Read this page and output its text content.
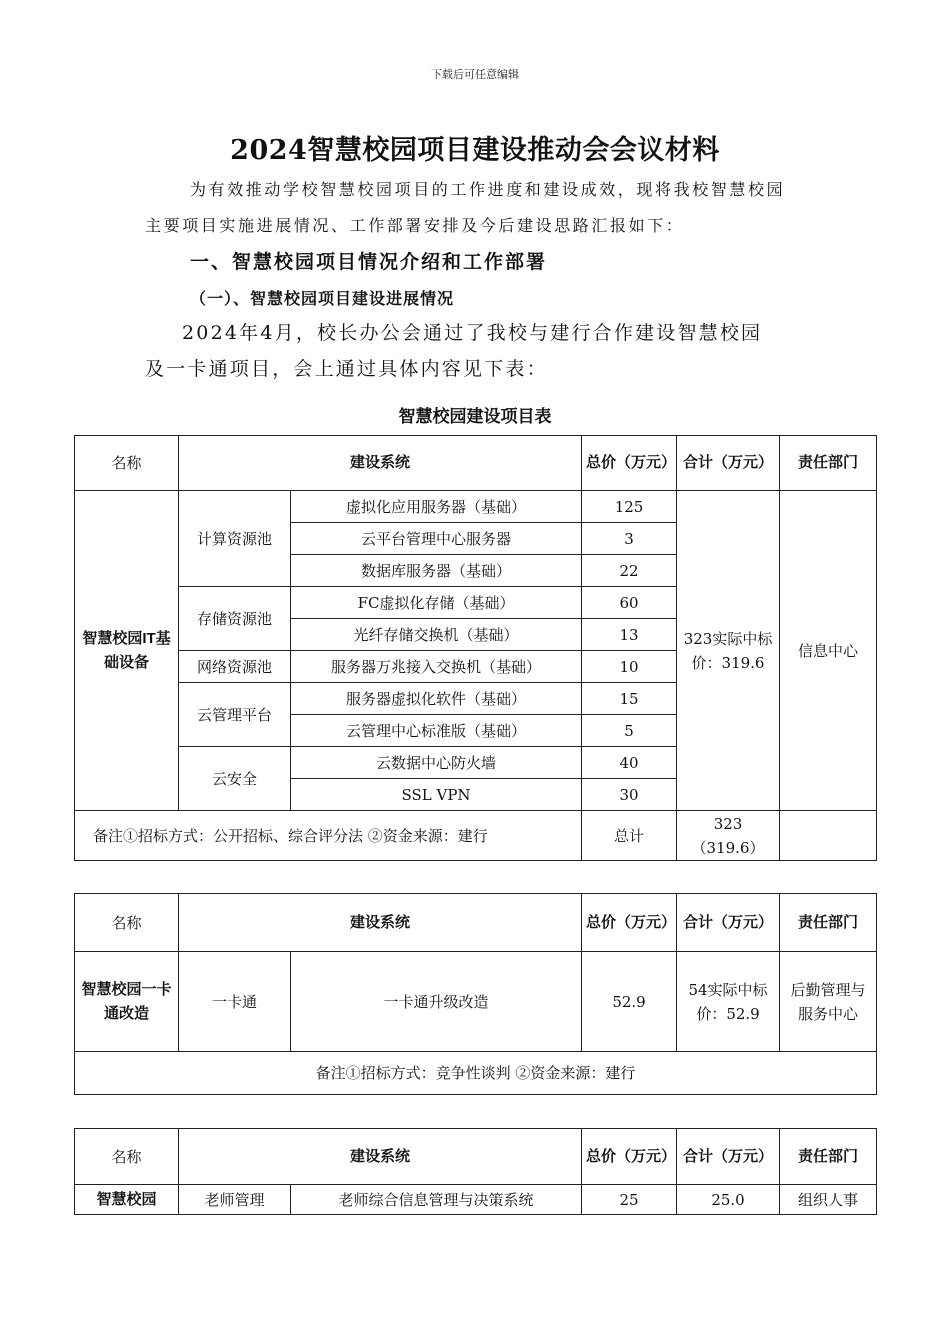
下载后可任意编辑
2024智慧校园项目建设推动会会议材料
为有效推动学校智慧校园项目的工作进度和建设成效，现将我校智慧校园
主要项目实施进展情况、工作部署安排及今后建设思路汇报如下：
一、智慧校园项目情况介绍和工作部署
（一）、智慧校园项目建设进展情况
2024年4月，校长办公会通过了我校与建行合作建设智慧校园
及一卡通项目，会上通过具体内容见下表：
智慧校园建设项目表
名称	建设系统		总价（万元）	合计（万元）	责任部门
智慧校园IT基础设备	计算资源池	虚拟化应用服务器（基础）	125	323实际中标价：319.6	信息中心
		云平台管理中心服务器	3		
		数据库服务器（基础）	22		
	存储资源池	FC虚拟化存储（基础）	60		
		光纤存储交换机（基础）	13		
	网络资源池	服务器万兆接入交换机（基础）	10		
	云管理平台	服务器虚拟化软件（基础）	15		
		云管理中心标准版（基础）	5		
	云安全	云数据中心防火墙	40		
		SSL VPN	30		
备注①招标方式：公开招标、综合评分法 ②资金来源：建行			总计	323（319.6）	
名称	建设系统		总价（万元）	合计（万元）	责任部门
智慧校园一卡通改造	一卡通	一卡通升级改造	52.9	54实际中标价：52.9	后勤管理与服务中心
备注①招标方式：竞争性谈判 ②资金来源：建行					
名称	建设系统		总价（万元）	合计（万元）	责任部门
智慧校园	老师管理	老师综合信息管理与决策系统	25	25.0	组织人事
